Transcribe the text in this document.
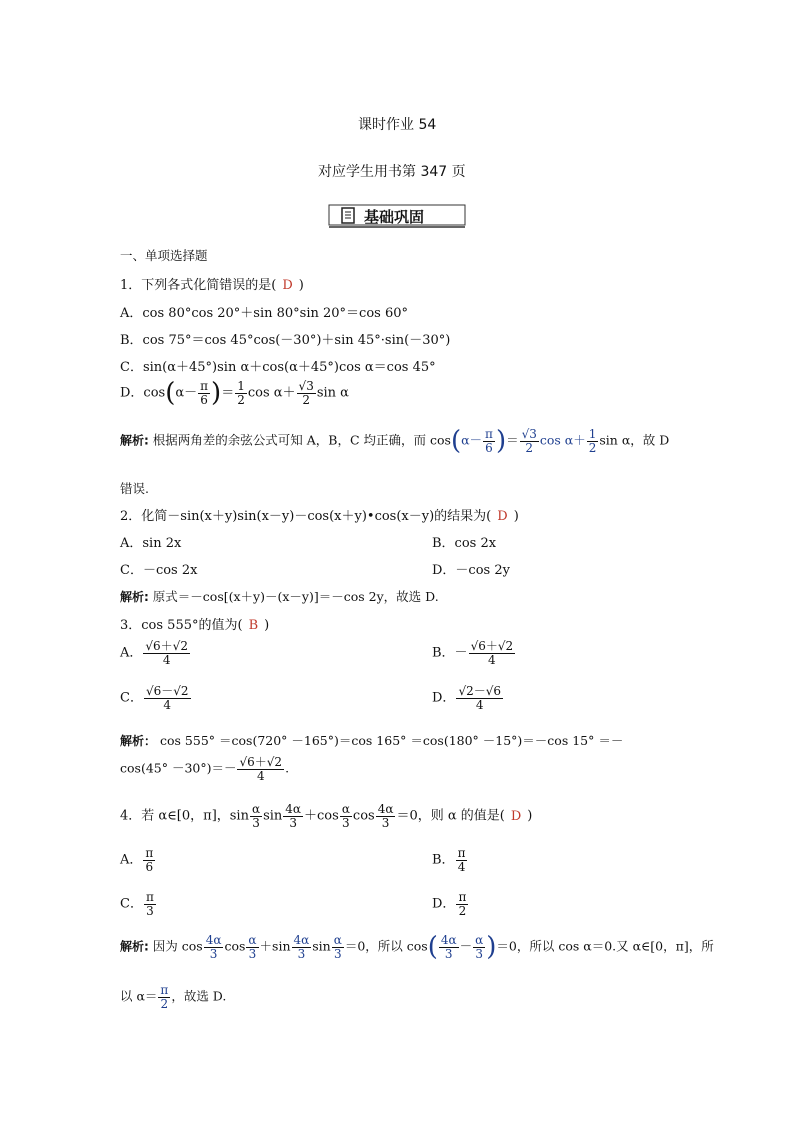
课时作业 54
对应学生用书第 347 页
基础巩固
一、单项选择题
1．下列各式化简错误的是( D )
A．cos 80°cos 20°＋sin 80°sin 20°＝cos 60°
B．cos 75°＝cos 45°cos(－30°)＋sin 45°·sin(－30°)
C．sin(α＋45°)sin α＋cos(α＋45°)cos α＝cos 45°
D．$\cos(\alpha- \frac{\pi}{6}$ )＝ $\frac{1}{2}$ $\cos \alpha+ \frac{√3}{2}$ sin α
解析: 根据两角差的余弦公式可知 A，B，C 均正确，而 $\cos(\alpha- \frac{\pi}{6}$ )＝ $\frac{√3}{2}$ $\cos \alpha+ \frac{1}{2}$ sin α，故 D
错误.
2．化简－sin(x＋y)sin(x－y)－cos(x＋y)•cos(x－y)的结果为( D )
A．sin 2x	B．cos 2x
C．－cos 2x	D．－cos 2y
解析: 原式＝－cos[(x＋y)－(x－y)]＝－cos 2y，故选 D.
3．cos 555°的值为( B )
A． $\frac{√6+√2}{4}$	B．－ $\frac{√6+√2}{4}$
C． $\frac{√6-√2}{4}$	D． $\frac{√2-√6}{4}$
解析： cos 555° ＝cos(720° －165°)＝cos 165° ＝cos(180° －15°)＝－cos 15° ＝－
$\cos(45^\circ -30^\circ)=- \frac{√6+√2}{4}$ .
4．若 α∈[0，π]，$\sin \frac{\alpha}{3}$ $\sin \frac{4\alpha}{3} +\cos \frac{\alpha}{3}$ $\cos \frac{4\alpha}{3} =0$，则 α 的值是( D )
A． $\frac{\pi}{6}$	B． $\frac{\pi}{4}$
C． $\frac{\pi}{3}$	D． $\frac{\pi}{2}$
解析: 因为 $\cos \frac{4\alpha}{3}$ $\cos \frac{\alpha}{3} +\sin \frac{4\alpha}{3}$ $\sin \frac{\alpha}{3} =0$，所以 $\cos( \frac{4\alpha}{3} - \frac{\alpha}{3} )=0$，所以 cos α＝0.又 α∈[0，π]，所
以 $\alpha= \frac{\pi}{2}$ ，故选 D.
